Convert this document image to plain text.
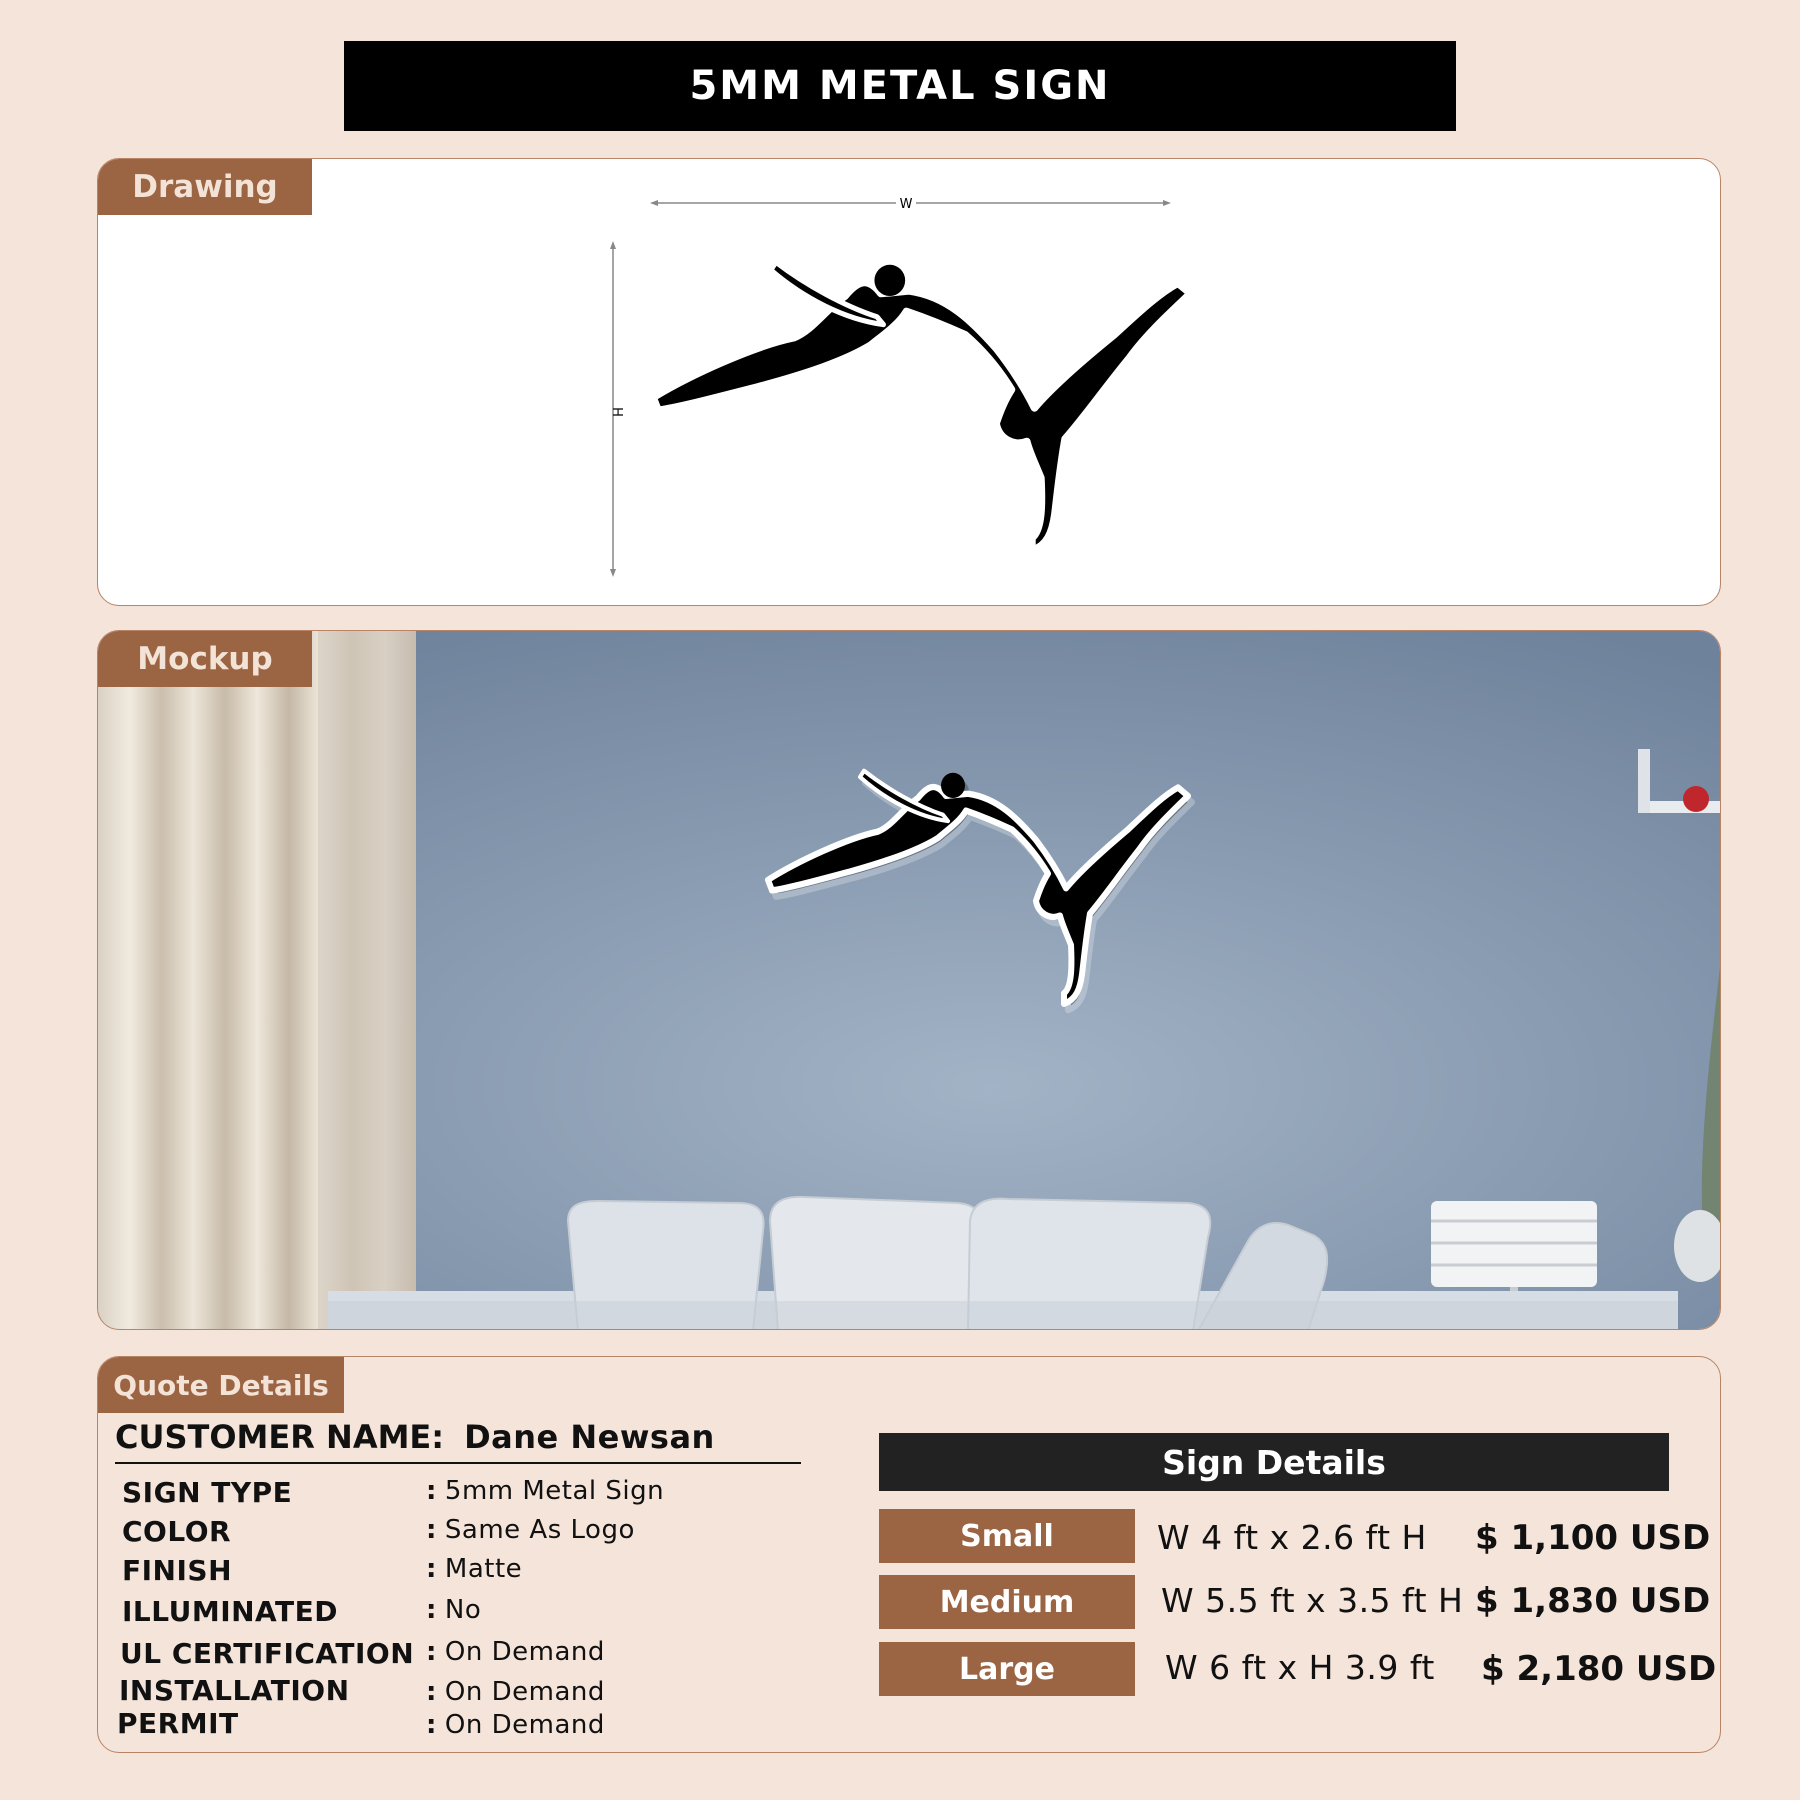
5MM METAL SIGN
Drawing	W
H
Mockup
Quote Details
CUSTOMER NAME: Dane Newsan
SIGN TYPE	: 5mm Metal Sign
COLOR	: Same As Logo
FINISH	: Matte
ILLUMINATED	: No
UL CERTIFICATION : On Demand
INSTALLATION	: On Demand
PERMIT	: On Demand
Sign Details
Small	W 4 ft x 2.6 ft H $ 1,100 USD
Medium	W 5.5 ft x 3.5 ft H $ 1,830 USD
Large	W 6 ft x H 3.9 ft $ 2,180 USD
